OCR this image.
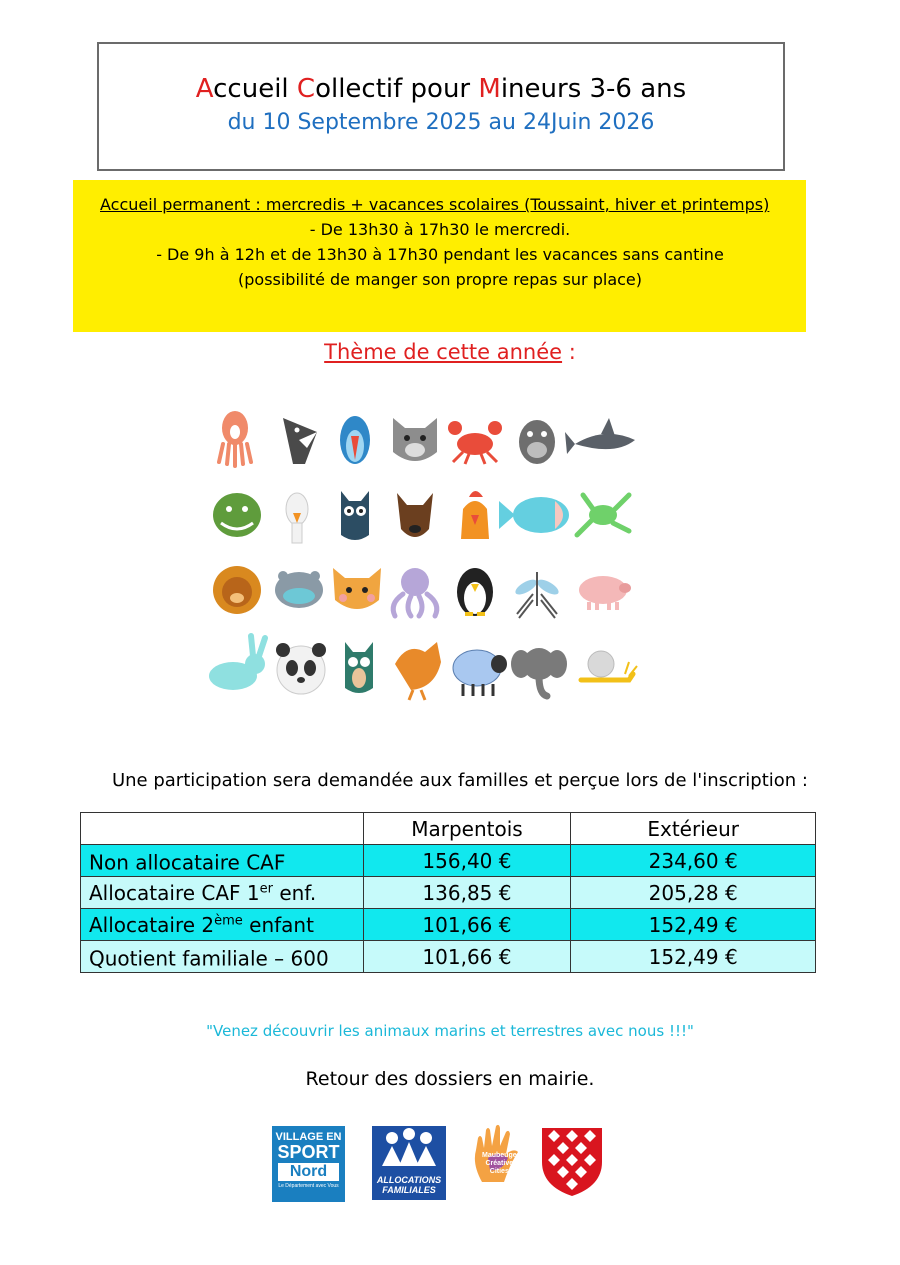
Accueil Collectif pour Mineurs 3-6 ans
du 10 Septembre 2025 au 24Juin 2026
Accueil permanent : mercredis + vacances scolaires (Toussaint, hiver et printemps)
- De 13h30 à 17h30 le mercredi.
- De 9h à 12h et de 13h30 à 17h30 pendant les vacances sans cantine
(possibilité de manger son propre repas sur place)
Thème de cette année :
Une participation sera demandée aux familles et perçue lors de l'inscription :
	Marpentois	Extérieur
Non allocataire CAF	156,40 €	234,60 €
Allocataire CAF 1er enf.	136,85 €	205,28 €
Allocataire 2ème enfant	101,66 €	152,49 €
Quotient familiale – 600	101,66 €	152,49 €
"Venez découvrir les animaux marins et terrestres avec nous !!!"
Retour des dossiers en mairie.
VILLAGE EN
SPORT
Nord
Le Département avec Vous
ALLOCATIONS
FAMILIALES
Maubeuge
Créative
Cities
